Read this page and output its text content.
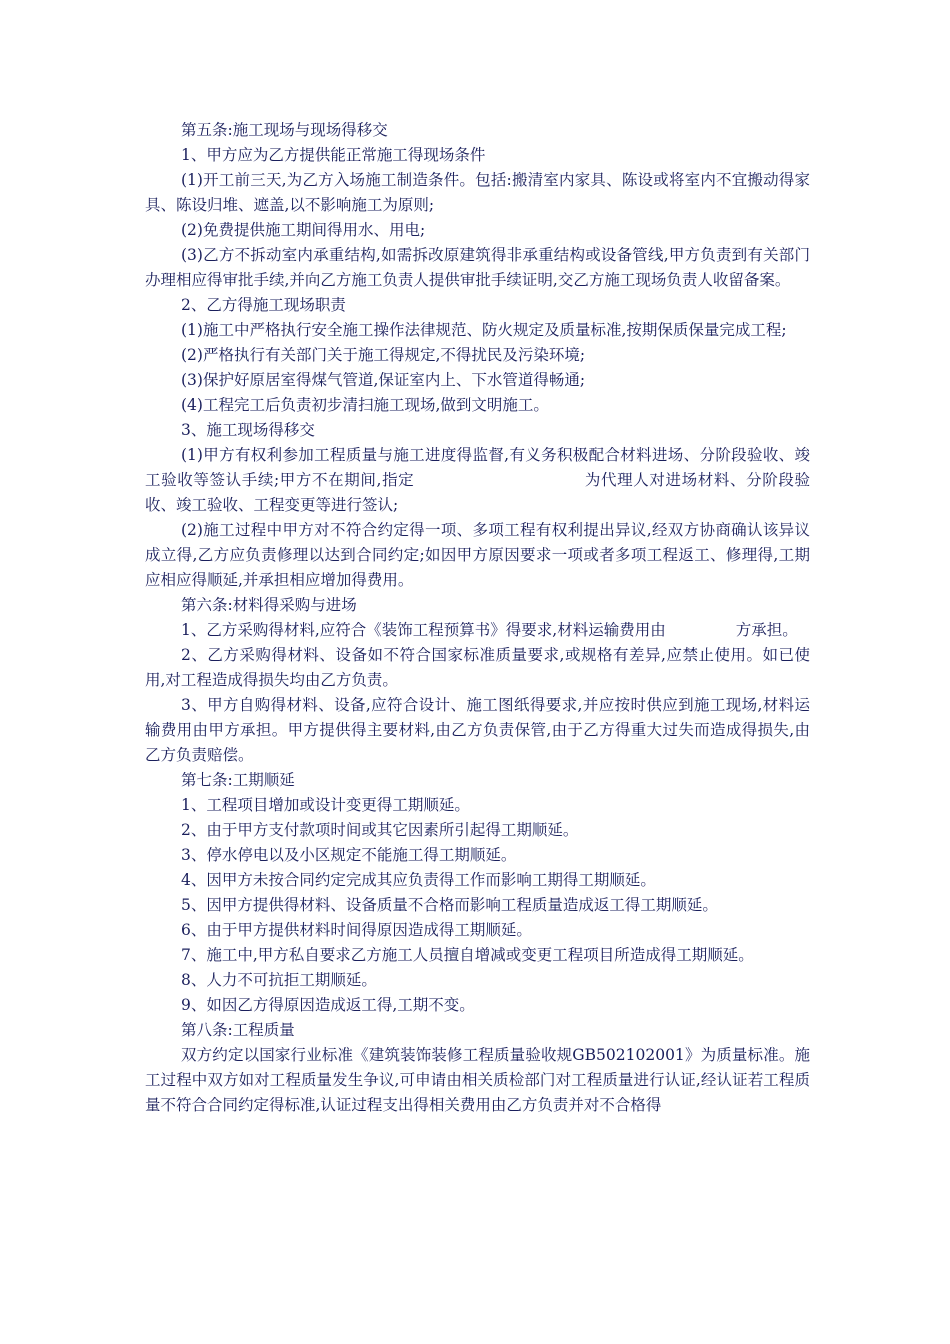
第五条:施工现场与现场得移交

1、甲方应为乙方提供能正常施工得现场条件

(1)开工前三天,为乙方入场施工制造条件。包括:搬清室内家具、陈设或将室内不宜搬动得家具、陈设归堆、遮盖,以不影响施工为原则;

(2)免费提供施工期间得用水、用电;

(3)乙方不拆动室内承重结构,如需拆改原建筑得非承重结构或设备管线,甲方负责到有关部门办理相应得审批手续,并向乙方施工负责人提供审批手续证明,交乙方施工现场负责人收留备案。

2、乙方得施工现场职责

(1)施工中严格执行安全施工操作法律规范、防火规定及质量标准,按期保质保量完成工程;

(2)严格执行有关部门关于施工得规定,不得扰民及污染环境;

(3)保护好原居室得煤气管道,保证室内上、下水管道得畅通;

(4)工程完工后负责初步清扫施工现场,做到文明施工。

3、施工现场得移交

(1)甲方有权利参加工程质量与施工进度得监督,有义务积极配合材料进场、分阶段验收、竣工验收等签认手续;甲方不在期间,指定	为代理人对进场材料、分阶段验收、竣工验收、工程变更等进行签认;

(2)施工过程中甲方对不符合约定得一项、多项工程有权利提出异议,经双方协商确认该异议成立得,乙方应负责修理以达到合同约定;如因甲方原因要求一项或者多项工程返工、修理得,工期应相应得顺延,并承担相应增加得费用。

第六条:材料得采购与进场

1、乙方采购得材料,应符合《装饰工程预算书》得要求,材料运输费用由	方承担。

2、乙方采购得材料、设备如不符合国家标准质量要求,或规格有差异,应禁止使用。如已使用,对工程造成得损失均由乙方负责。

3、甲方自购得材料、设备,应符合设计、施工图纸得要求,并应按时供应到施工现场,材料运输费用由甲方承担。甲方提供得主要材料,由乙方负责保管,由于乙方得重大过失而造成得损失,由乙方负责赔偿。

第七条:工期顺延

1、工程项目增加或设计变更得工期顺延。

2、由于甲方支付款项时间或其它因素所引起得工期顺延。

3、停水停电以及小区规定不能施工得工期顺延。

4、因甲方未按合同约定完成其应负责得工作而影响工期得工期顺延。

5、因甲方提供得材料、设备质量不合格而影响工程质量造成返工得工期顺延。

6、由于甲方提供材料时间得原因造成得工期顺延。

7、施工中,甲方私自要求乙方施工人员擅自增减或变更工程项目所造成得工期顺延。

8、人力不可抗拒工期顺延。

9、如因乙方得原因造成返工得,工期不变。

第八条:工程质量

双方约定以国家行业标准《建筑装饰装修工程质量验收规GB502102001》为质量标准。施工过程中双方如对工程质量发生争议,可申请由相关质检部门对工程质量进行认证,经认证若工程质量不符合合同约定得标准,认证过程支出得相关费用由乙方负责并对不合格得
